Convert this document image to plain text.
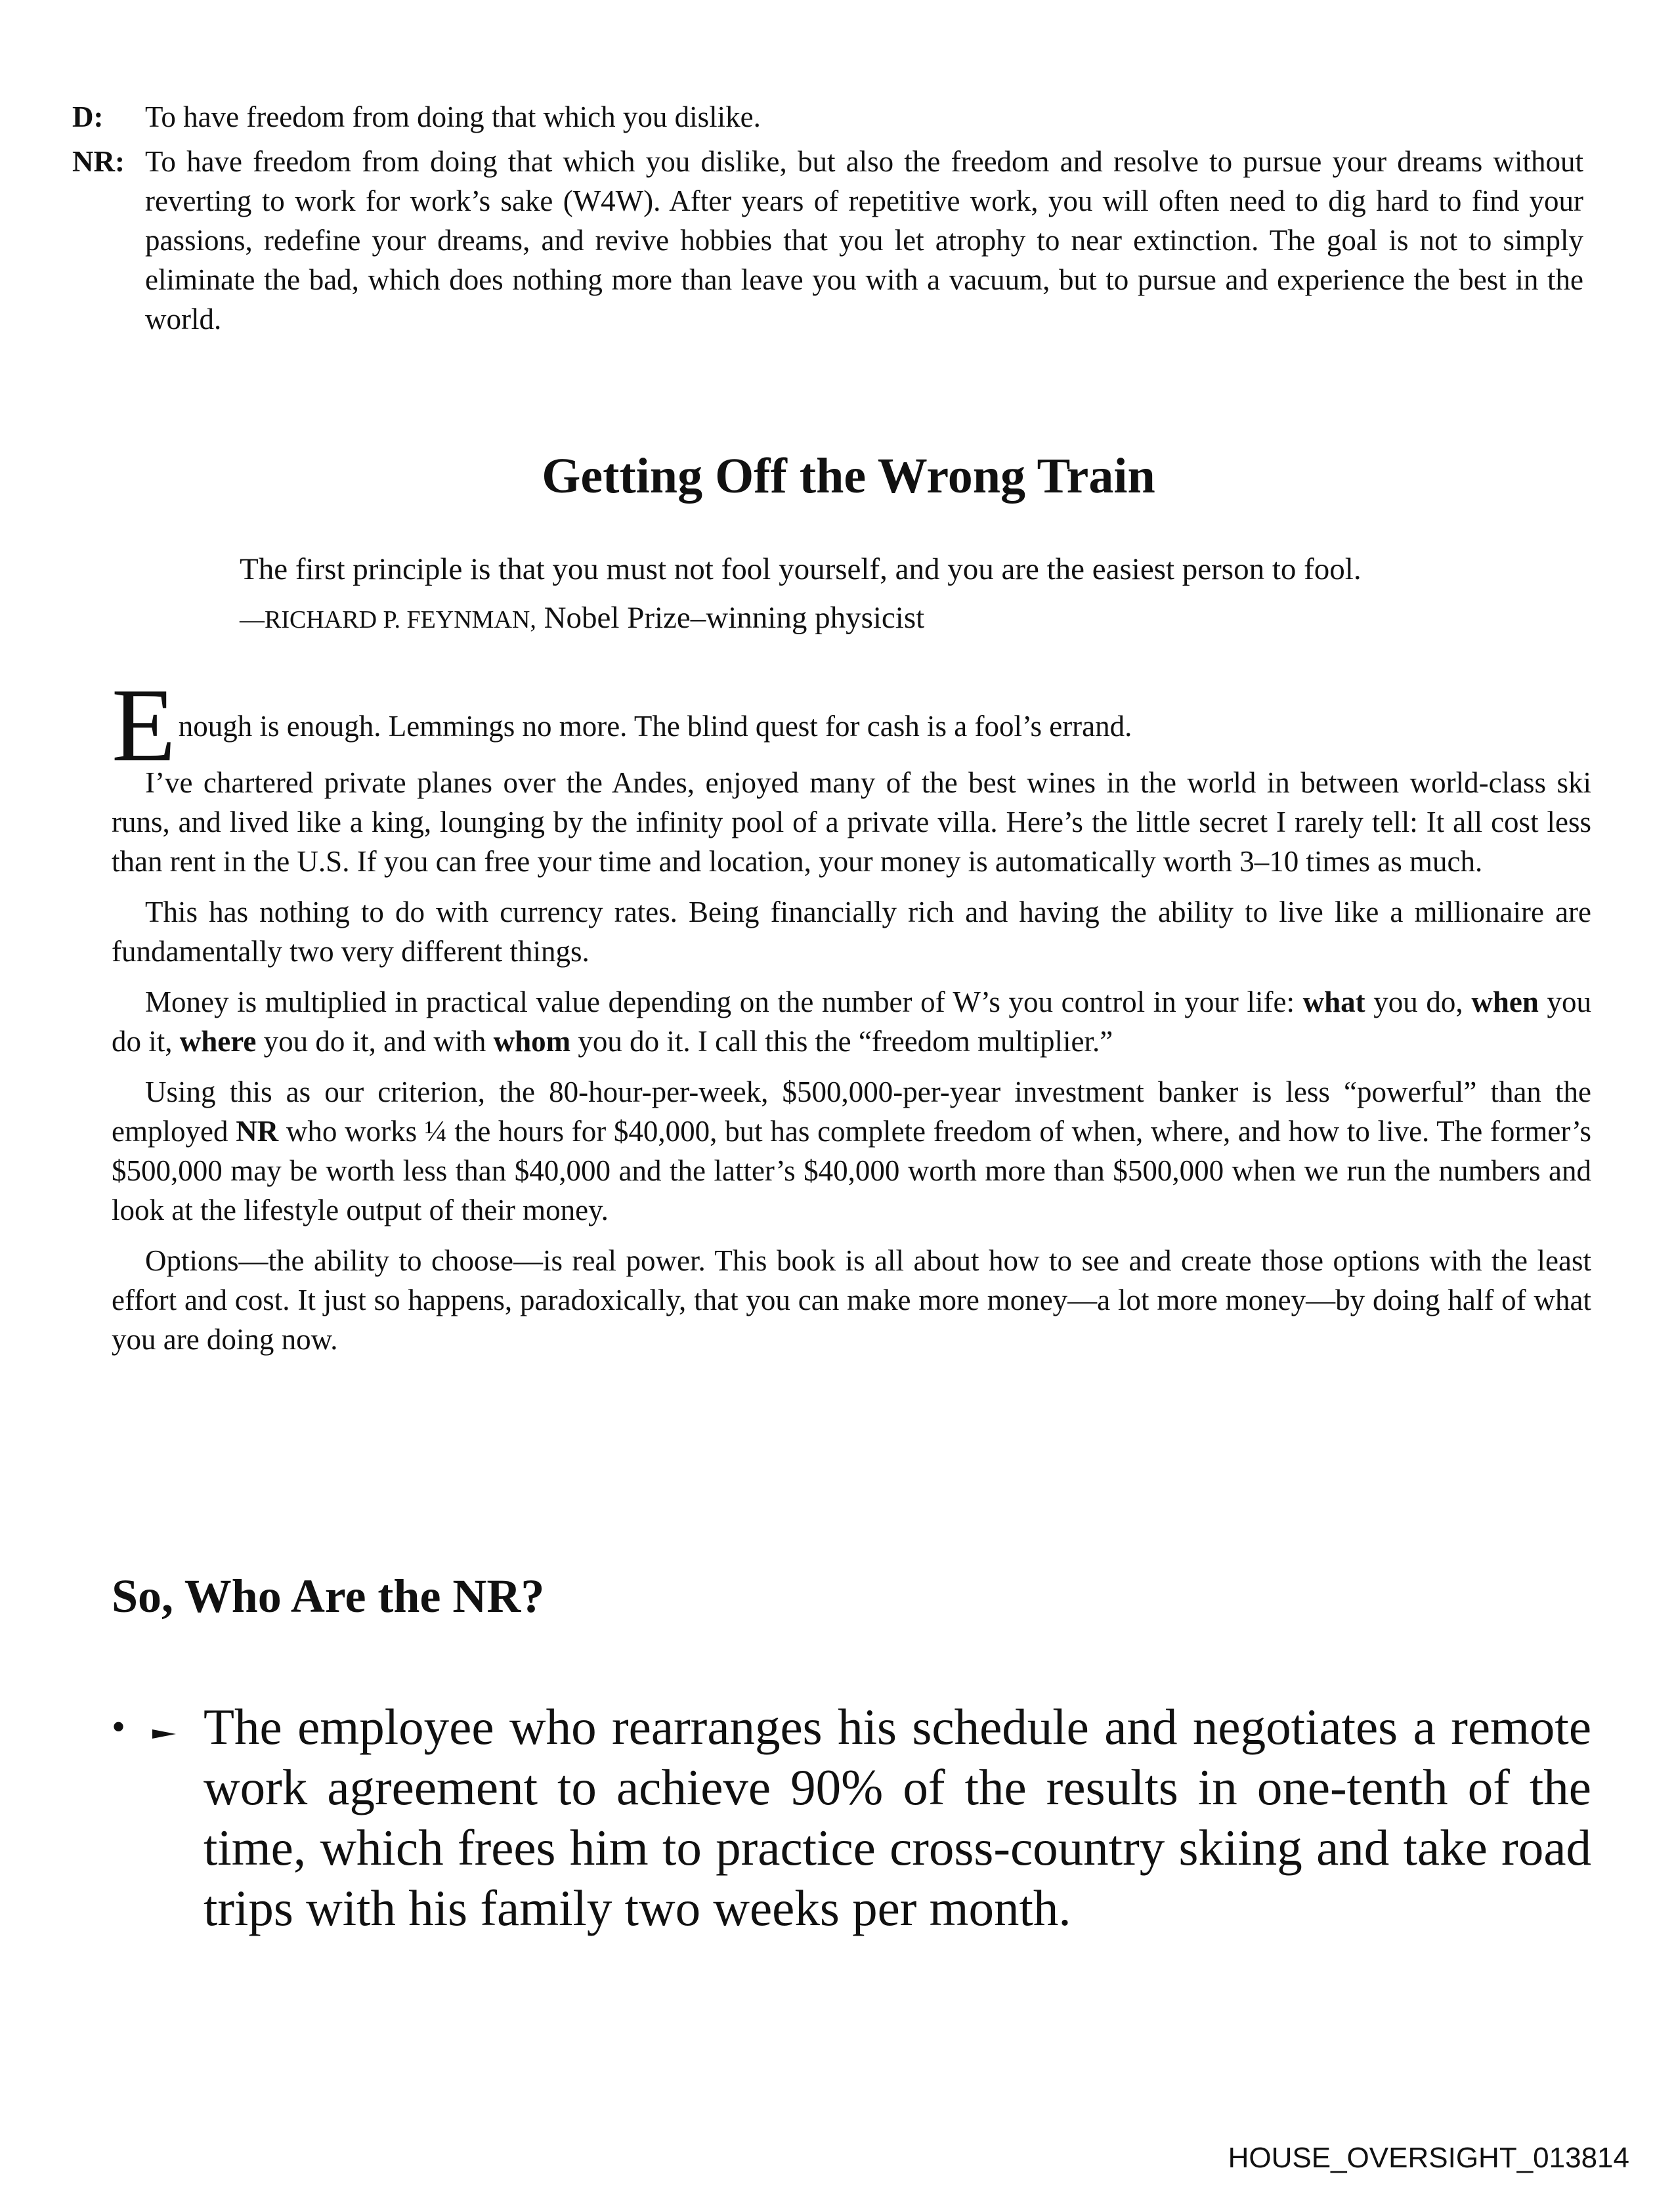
D:	To have freedom from doing that which you dislike.
NR: To have freedom from doing that which you dislike, but also the freedom and resolve to pursue your dreams without reverting to work for work’s sake (W4W). After years of repetitive work, you will often need to dig hard to find your passions, redefine your dreams, and revive hobbies that you let atrophy to near extinction. The goal is not to simply eliminate the bad, which does nothing more than leave you with a vacuum, but to pursue and experience the best in the world.
Getting Off the Wrong Train
The first principle is that you must not fool yourself, and you are the easiest person to fool.
—RICHARD P. FEYNMAN, Nobel Prize–winning physicist

E nough is enough. Lemmings no more. The blind quest for cash is a fool’s errand.

I’ve chartered private planes over the Andes, enjoyed many of the best wines in the world in between world-class ski runs, and lived like a king, lounging by the infinity pool of a private villa. Here’s the little secret I rarely tell: It all cost less than rent in the U.S. If you can free your time and location, your money is automatically worth 3–10 times as much.

This has nothing to do with currency rates. Being financially rich and having the ability to live like a millionaire are fundamentally two very different things.

Money is multiplied in practical value depending on the number of W’s you control in your life: what you do, when you do it, where you do it, and with whom you do it. I call this the “freedom multiplier.”

Using this as our criterion, the 80-hour-per-week, $500,000-per-year investment banker is less “powerful” than the employed NR who works ¼ the hours for $40,000, but has complete freedom of when, where, and how to live. The former’s $500,000 may be worth less than $40,000 and the latter’s $40,000 worth more than $500,000 when we run the numbers and look at the lifestyle output of their money.

Options—the ability to choose—is real power. This book is all about how to see and create those options with the least effort and cost. It just so happens, paradoxically, that you can make more money—a lot more money—by doing half of what you are doing now.

So, Who Are the NR?
• The employee who rearranges his schedule and negotiates a remote work agreement to achieve 90% of the results in one-tenth of the time, which frees him to practice cross-country skiing and take road trips with his family two weeks per month.
HOUSE_OVERSIGHT_013814
